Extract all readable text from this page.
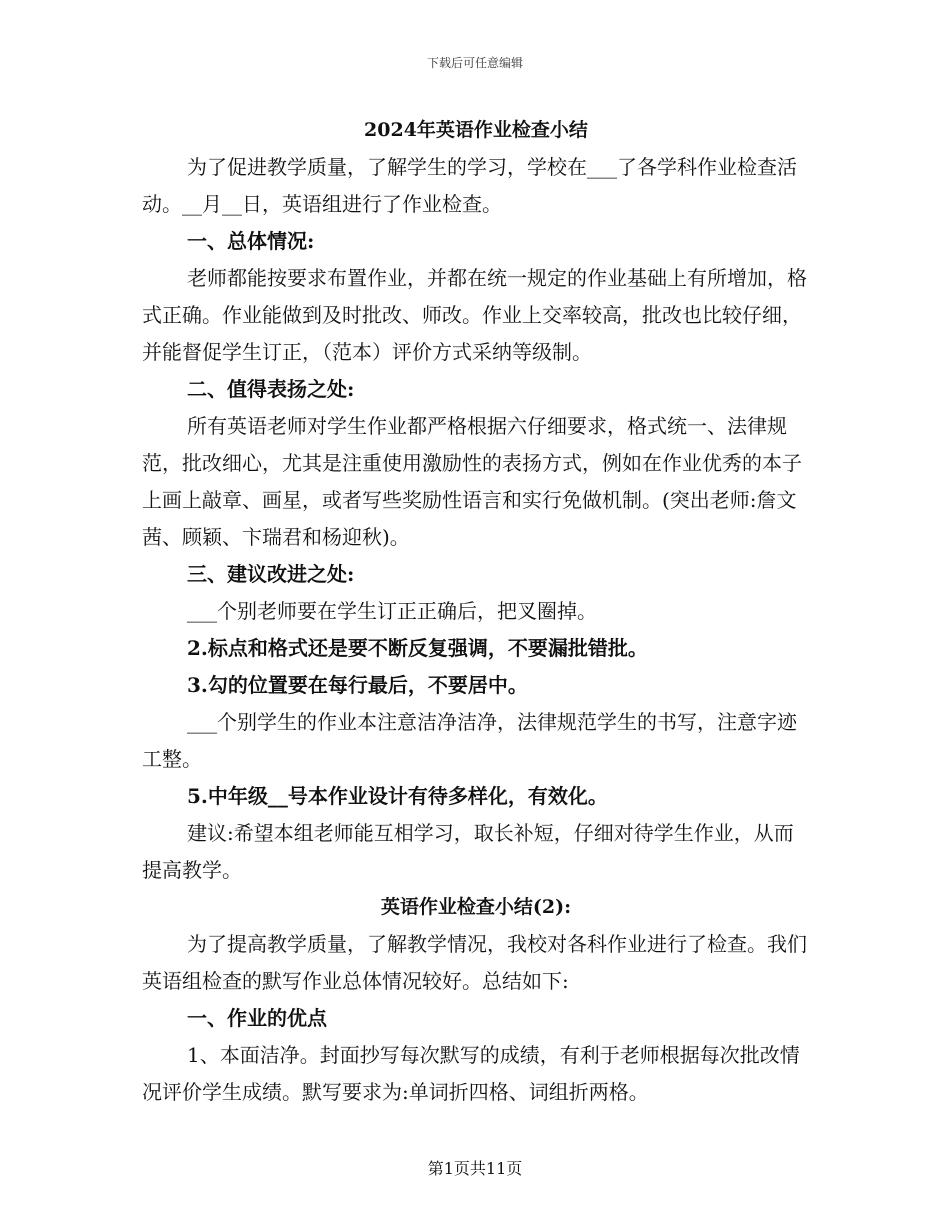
下载后可任意编辑

2024年英语作业检查小结

为了促进教学质量，了解学生的学习，学校在___了各学科作业检查活动。__月__日，英语组进行了作业检查。

一、总体情况:

老师都能按要求布置作业，并都在统一规定的作业基础上有所增加，格式正确。作业能做到及时批改、师改。作业上交率较高，批改也比较仔细，并能督促学生订正，（范本）评价方式采纳等级制。

二、值得表扬之处:

所有英语老师对学生作业都严格根据六仔细要求，格式统一、法律规范，批改细心，尤其是注重使用激励性的表扬方式，例如在作业优秀的本子上画上敲章、画星，或者写些奖励性语言和实行免做机制。(突出老师:詹文茜、顾颖、卞瑞君和杨迎秋)。

三、建议改进之处:

___个别老师要在学生订正正确后，把叉圈掉。

2.标点和格式还是要不断反复强调，不要漏批错批。

3.勾的位置要在每行最后，不要居中。

___个别学生的作业本注意洁净洁净，法律规范学生的书写，注意字迹工整。

5.中年级__号本作业设计有待多样化，有效化。

建议:希望本组老师能互相学习，取长补短，仔细对待学生作业，从而提高教学。

英语作业检查小结(2):

为了提高教学质量，了解教学情况，我校对各科作业进行了检查。我们英语组检查的默写作业总体情况较好。总结如下:

一、作业的优点

1、本面洁净。封面抄写每次默写的成绩，有利于老师根据每次批改情况评价学生成绩。默写要求为:单词折四格、词组折两格。

第1页共11页
